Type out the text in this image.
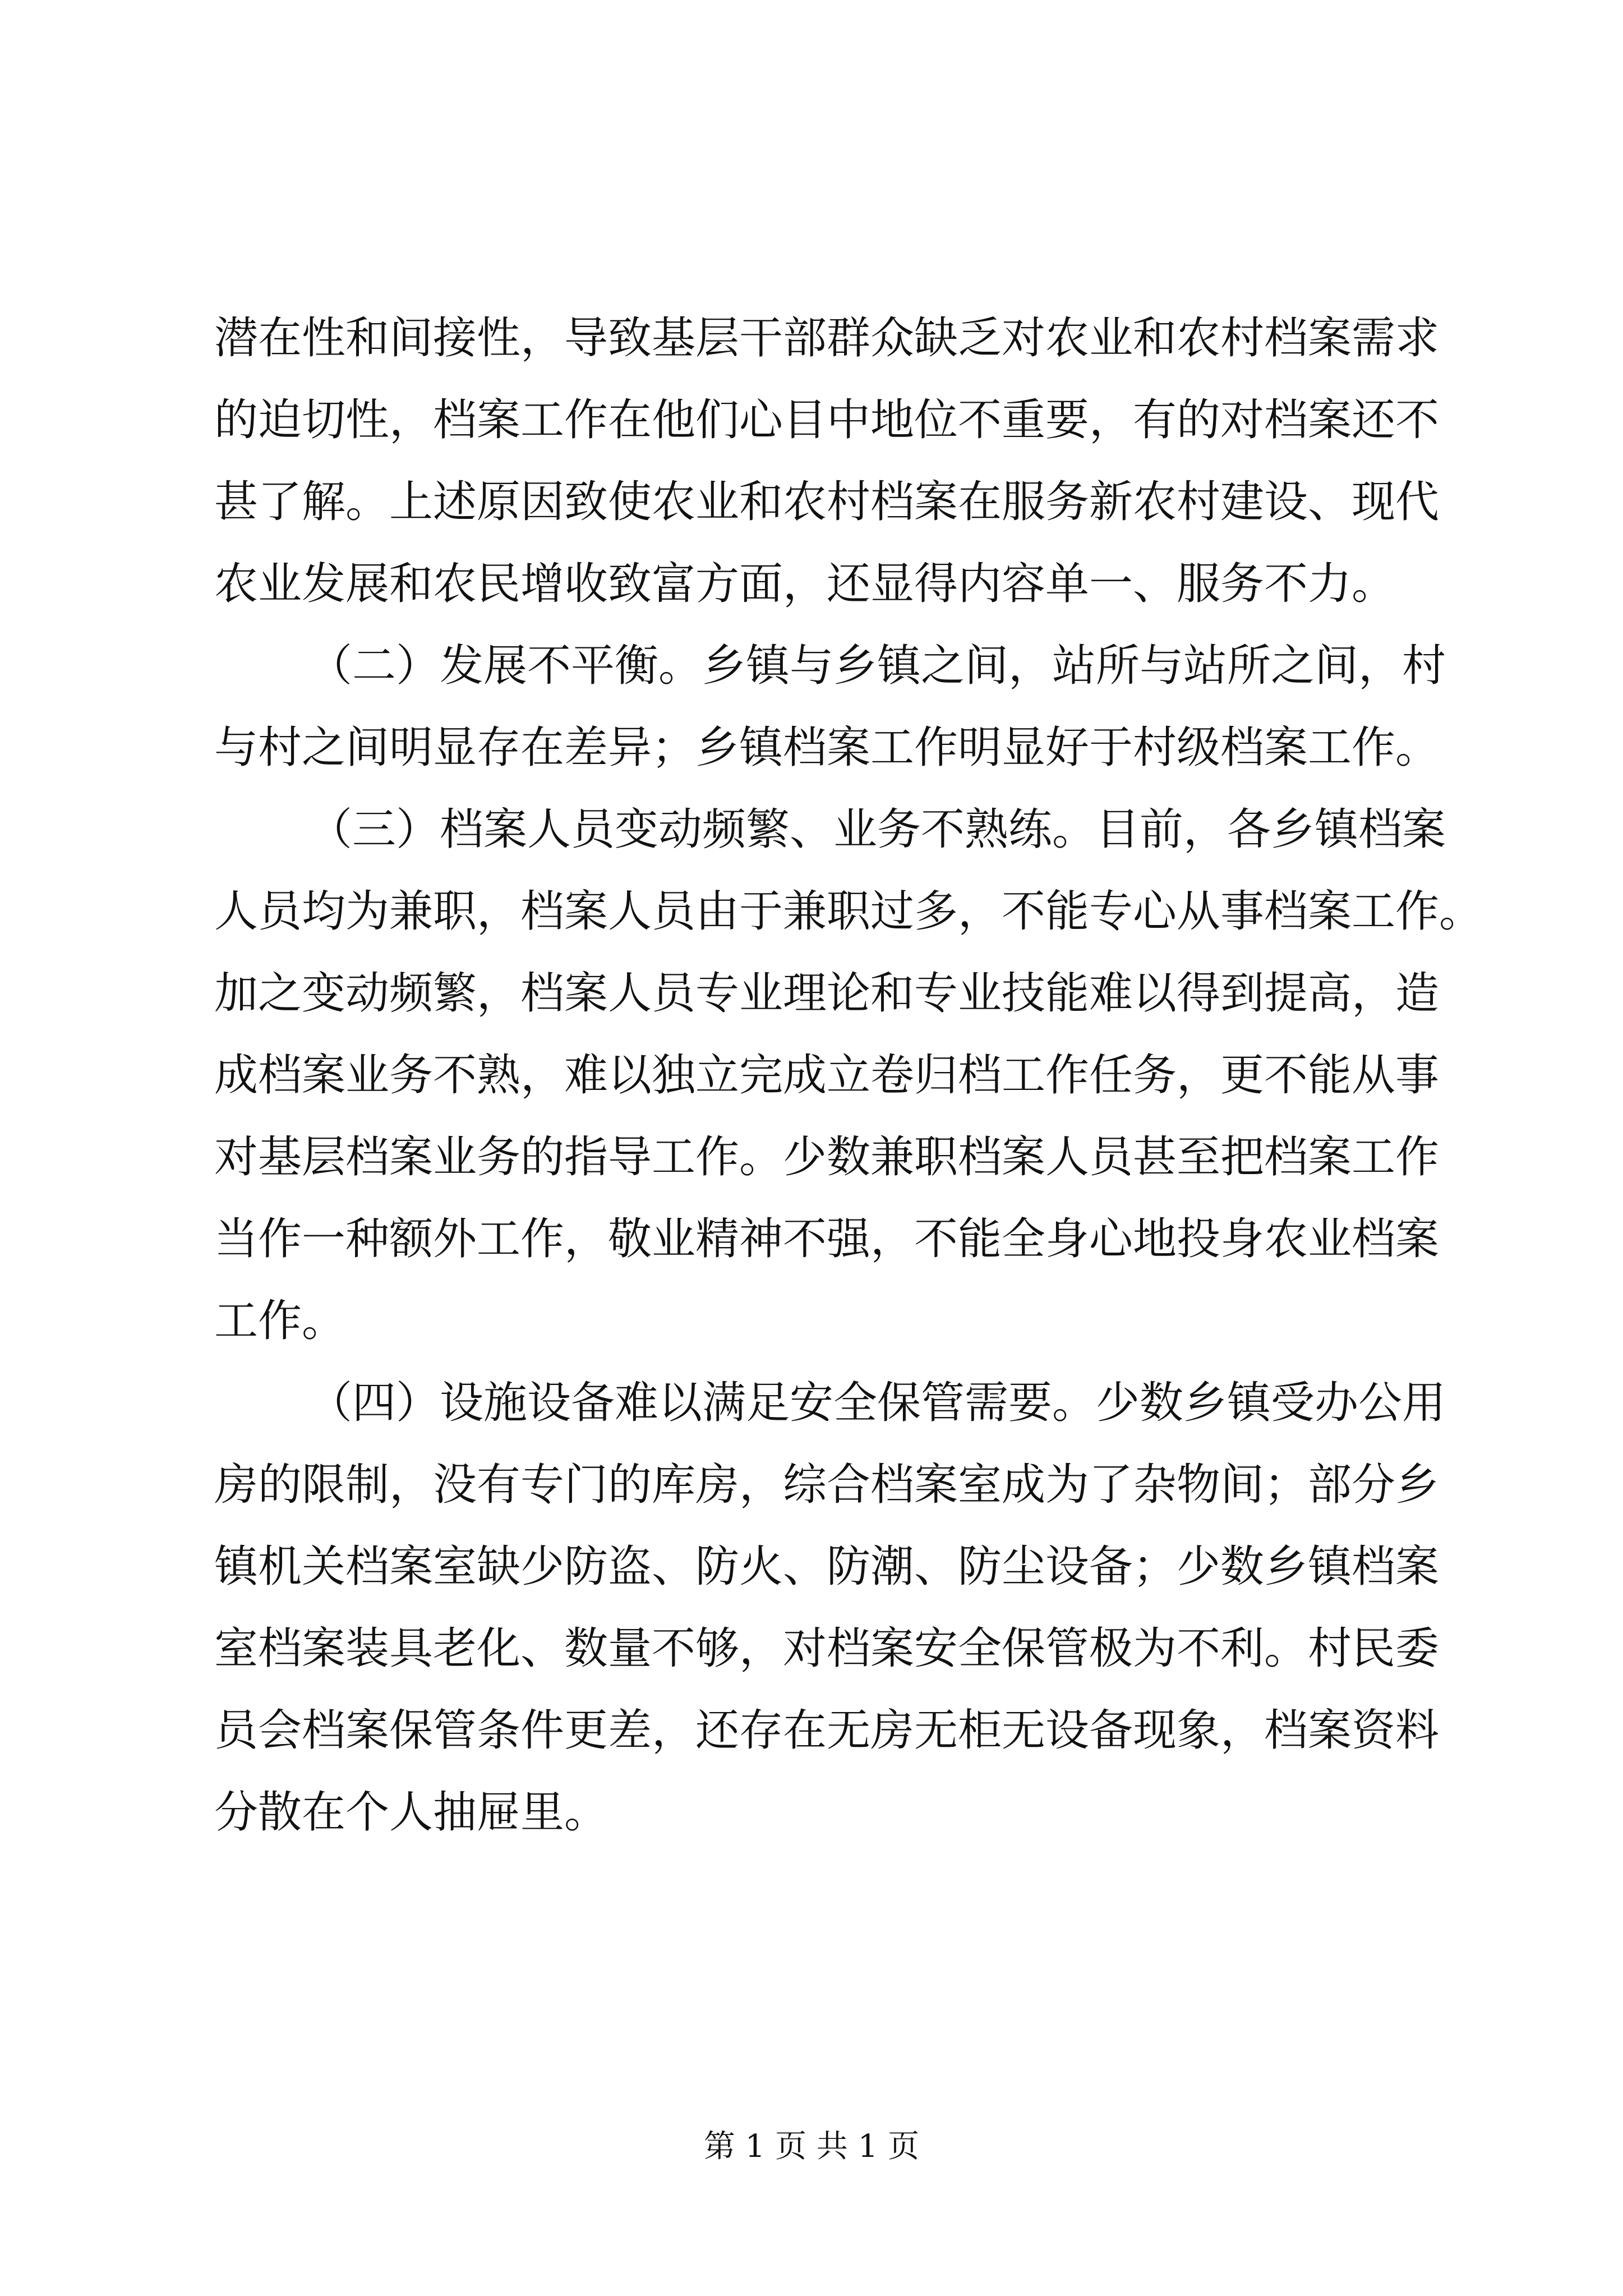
潜在性和间接性，导致基层干部群众缺乏对农业和农村档案需求
的迫切性，档案工作在他们心目中地位不重要，有的对档案还不
甚了解。上述原因致使农业和农村档案在服务新农村建设、现代
农业发展和农民增收致富方面，还显得内容单一、服务不力。
（二）发展不平衡。乡镇与乡镇之间，站所与站所之间，村
与村之间明显存在差异；乡镇档案工作明显好于村级档案工作。
（三）档案人员变动频繁、业务不熟练。目前，各乡镇档案
人员均为兼职，档案人员由于兼职过多，不能专心从事档案工作。
加之变动频繁，档案人员专业理论和专业技能难以得到提高，造
成档案业务不熟，难以独立完成立卷归档工作任务，更不能从事
对基层档案业务的指导工作。少数兼职档案人员甚至把档案工作
当作一种额外工作，敬业精神不强，不能全身心地投身农业档案
工作。
（四）设施设备难以满足安全保管需要。少数乡镇受办公用
房的限制，没有专门的库房，综合档案室成为了杂物间；部分乡
镇机关档案室缺少防盗、防火、防潮、防尘设备；少数乡镇档案
室档案装具老化、数量不够，对档案安全保管极为不利。村民委
员会档案保管条件更差，还存在无房无柜无设备现象，档案资料
分散在个人抽屉里。
第 1 页 共 1 页
